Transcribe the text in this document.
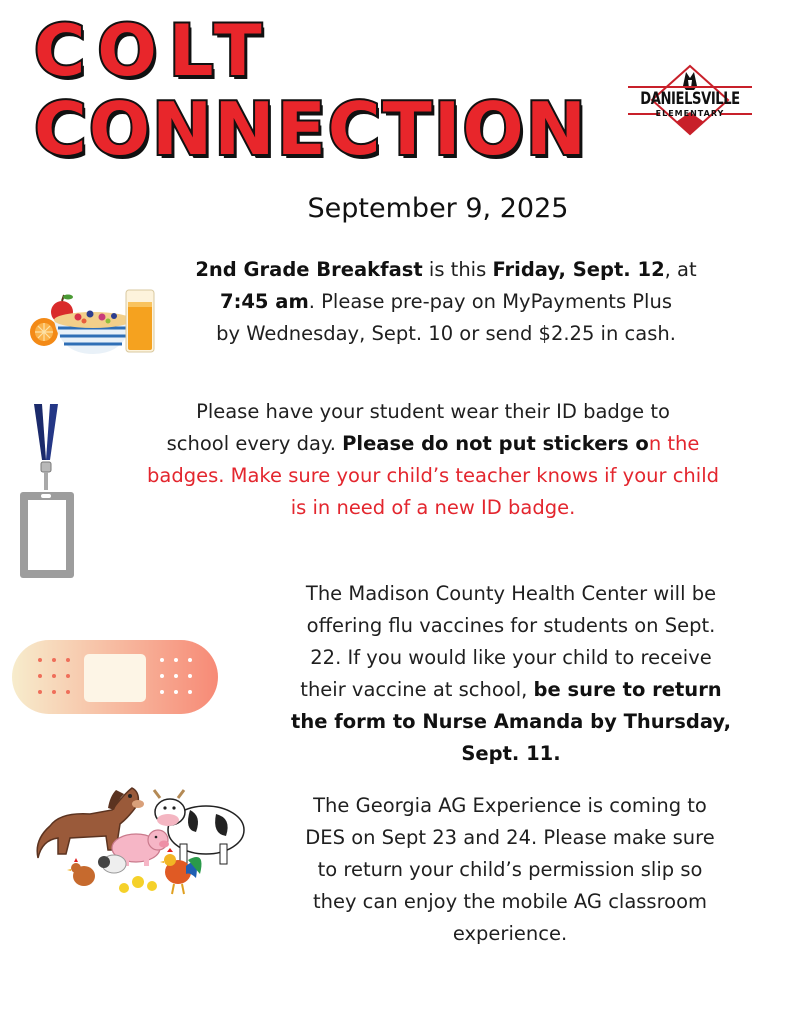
COLT
CONNECTION	DANIELSVILLE
ELEMENTARY
September 9, 2025
2nd Grade Breakfast is this Friday, Sept. 12, at
7:45 am. Please pre-pay on MyPayments Plus
by Wednesday, Sept. 10 or send $2.25 in cash.
Please have your student wear their ID badge to
school every day. Please do not put stickers on the
badges. Make sure your child’s teacher knows if your child
is in need of a new ID badge.
The Madison County Health Center will be
offering flu vaccines for students on Sept.
22. If you would like your child to receive
their vaccine at school, be sure to return
the form to Nurse Amanda by Thursday,
Sept. 11.
The Georgia AG Experience is coming to
DES on Sept 23 and 24. Please make sure
to return your child’s permission slip so
they can enjoy the mobile AG classroom
experience.
